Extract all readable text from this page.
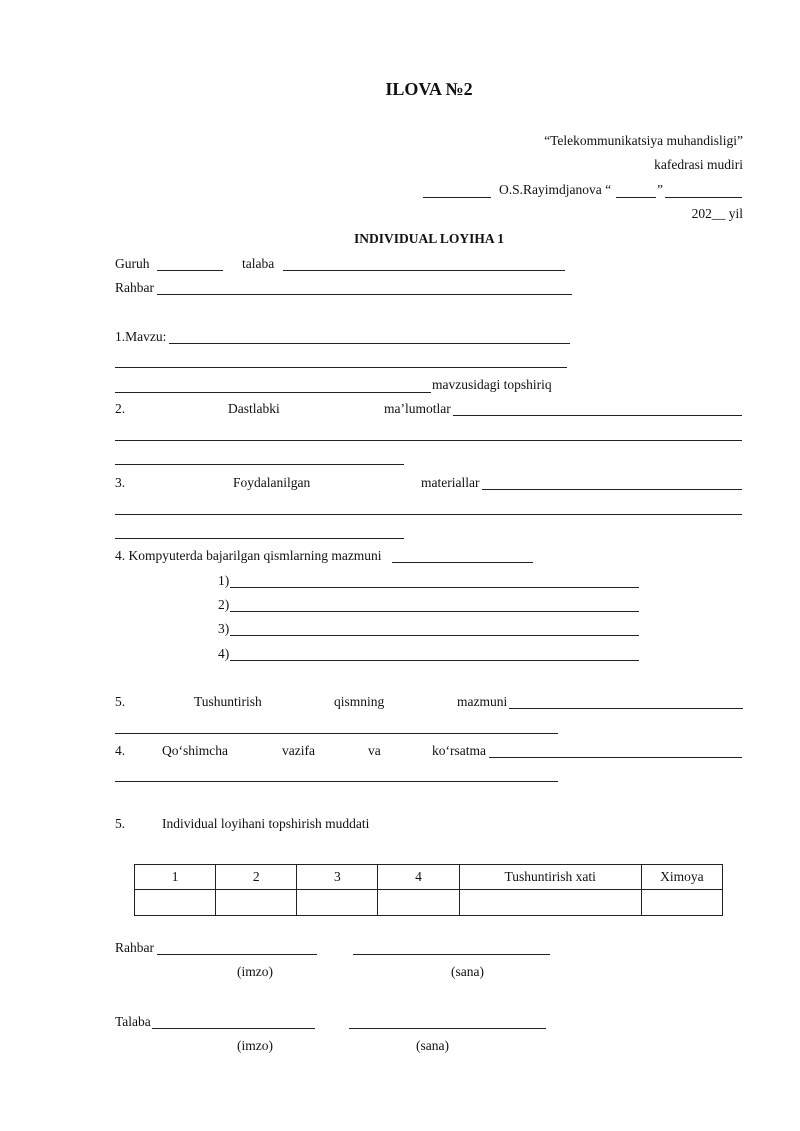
ILOVA №2
“Telekommunikatsiya muhandisligi”
kafedrasi mudiri
O.S.Rayimdjanova “	”
202__ yil
INDIVIDUAL LOYIHA 1
Guruh	talaba
Rahbar
1.Mavzu:
mavzusidagi topshiriq
2.	Dastlabki	ma’lumotlar
3.	Foydalanilgan	materiallar
4. Kompyuterda bajarilgan qismlarning mazmuni
1)
2)
3)
4)
5.	Tushuntirish	qismning	mazmuni
4.	Qo‘shimcha	vazifa	va	ko‘rsatma
5.	Individual loyihani topshirish muddati
1	2	3	4	Tushuntirish xati	Ximoya

Rahbar
(imzo)	(sana)
Talaba
(imzo)	(sana)
